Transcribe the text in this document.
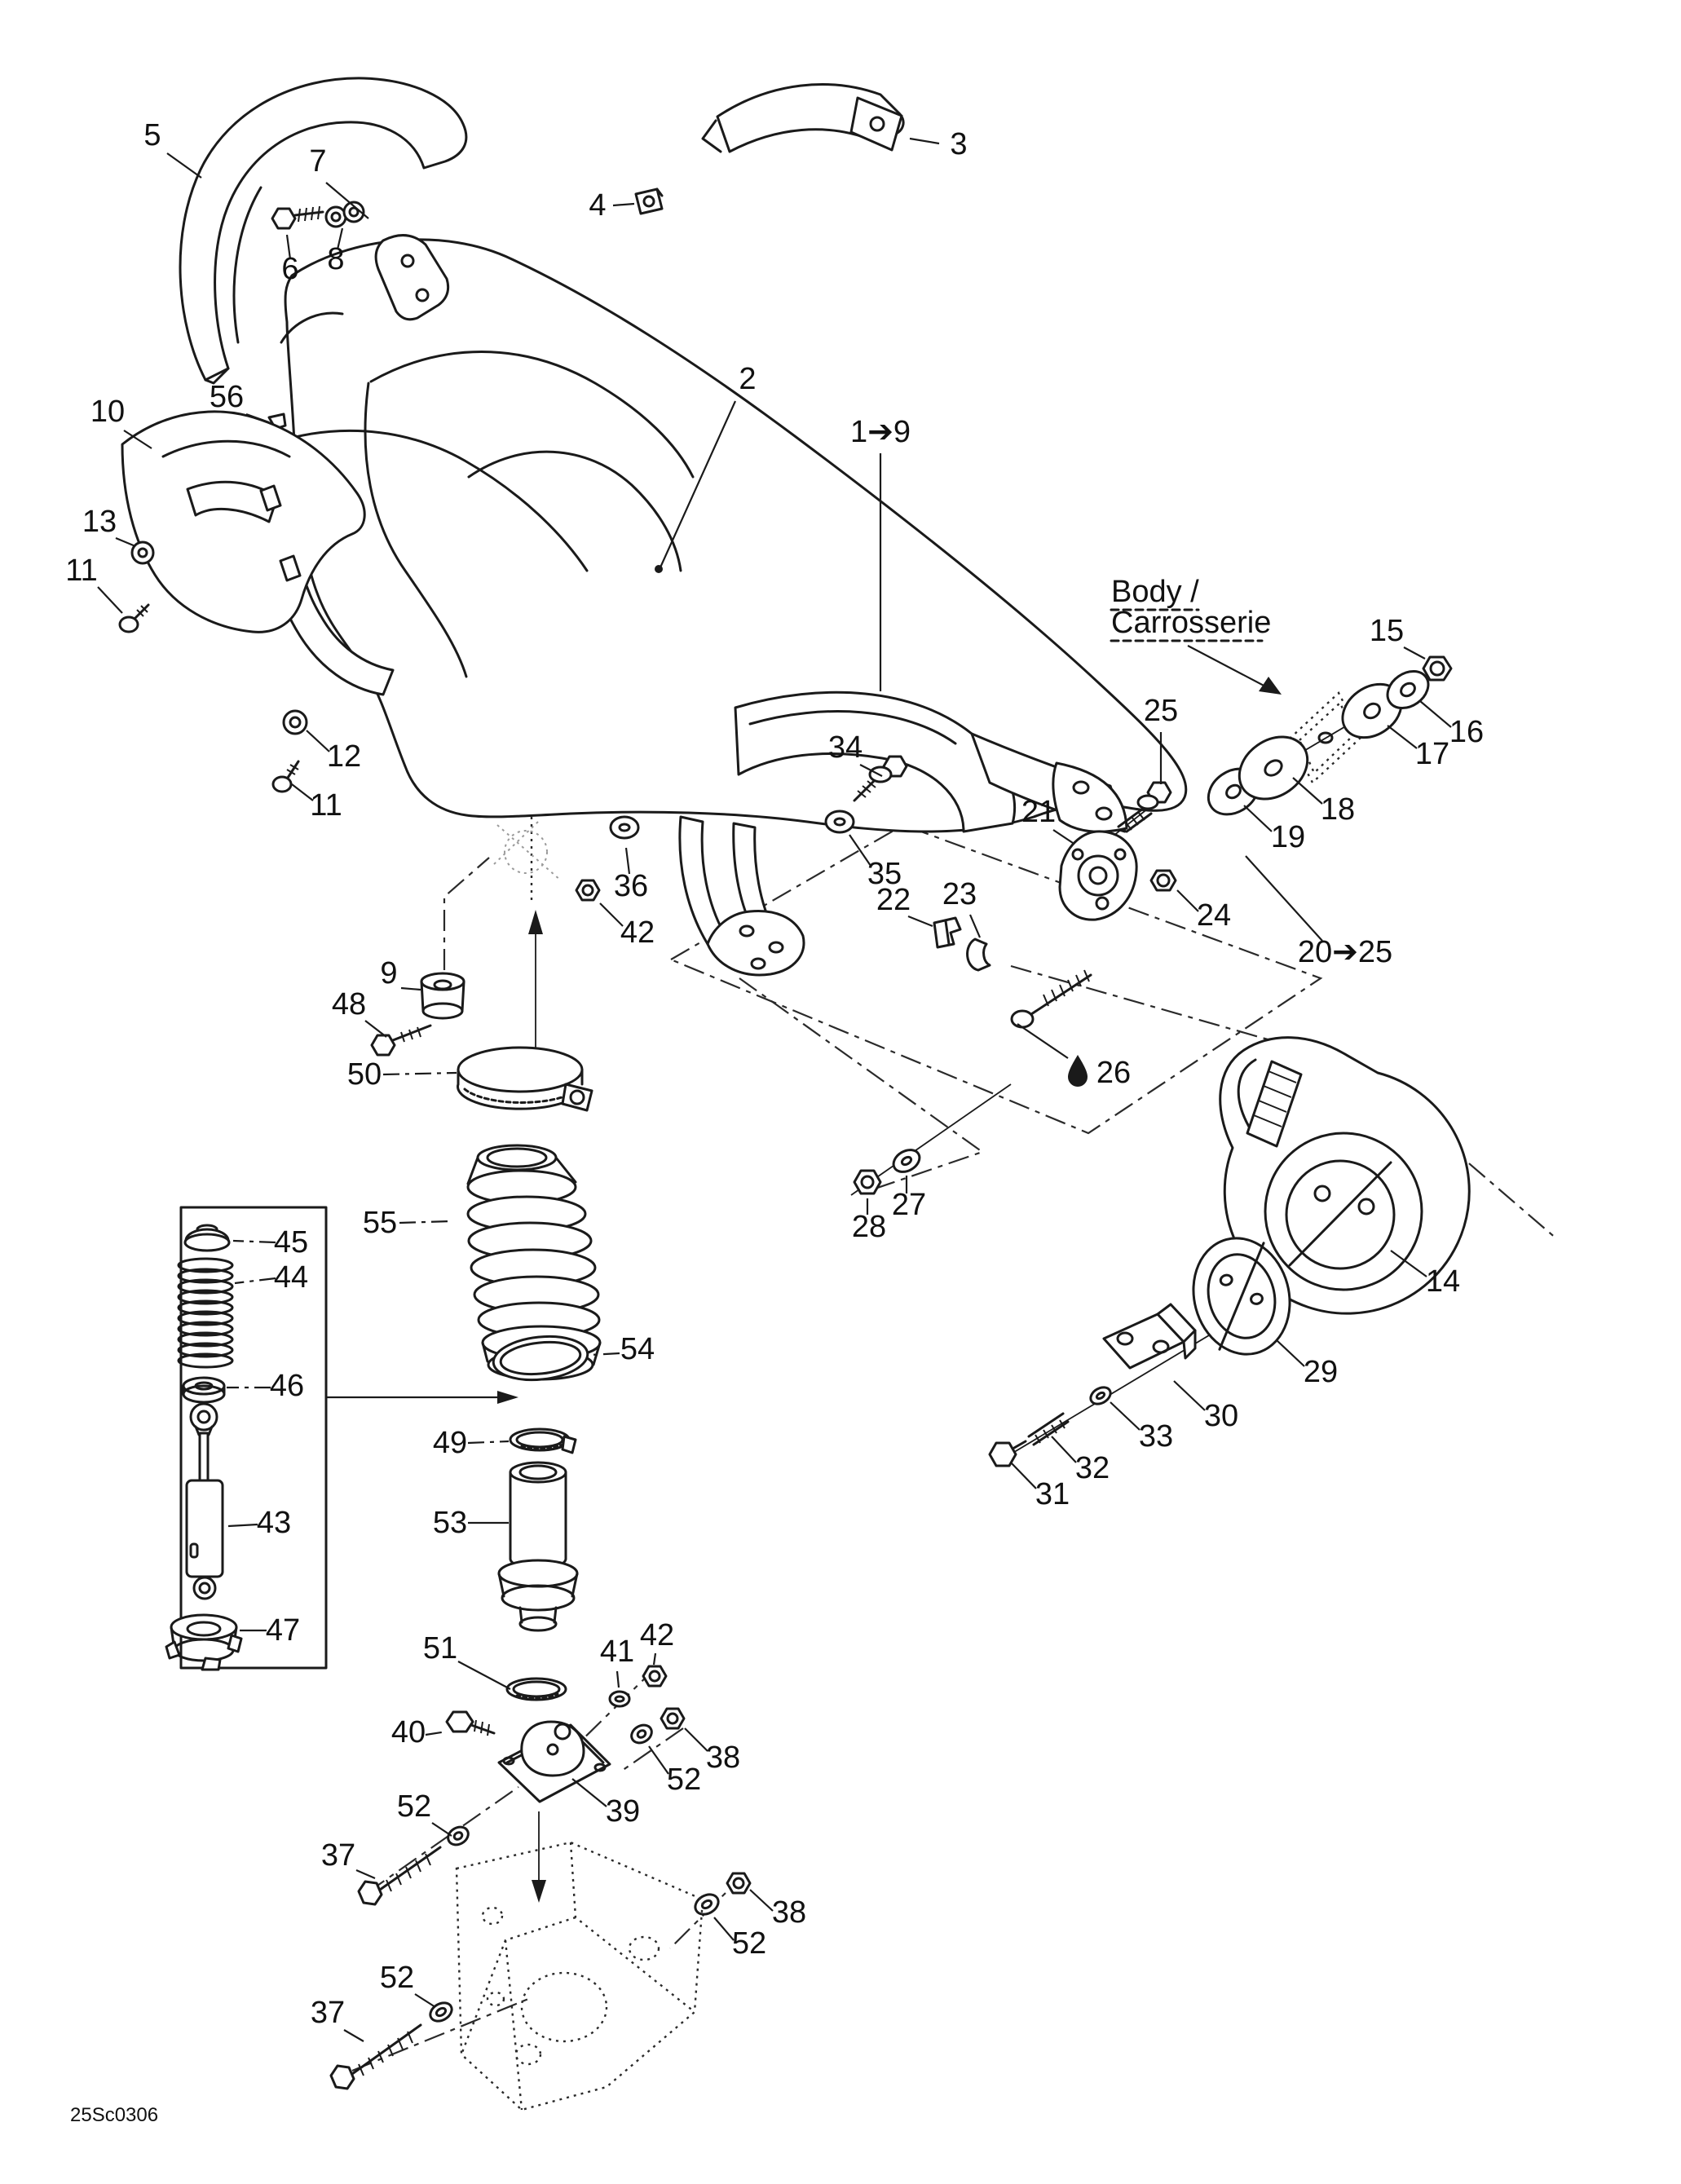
Body /
Carrosserie
25Sc0306
5
7
6 8
4
3
56
2
1➔9
10
13
11
12
11
42
34
35
36
9
48
25
15
16
17
18
19
21
24
22 23
26
20➔25
27
28
14
29
30
33
32
31
50
55
54
45
44
46
43
47
49
53
51	41 42
40
38
52
39
52
37
38
52
52
37
